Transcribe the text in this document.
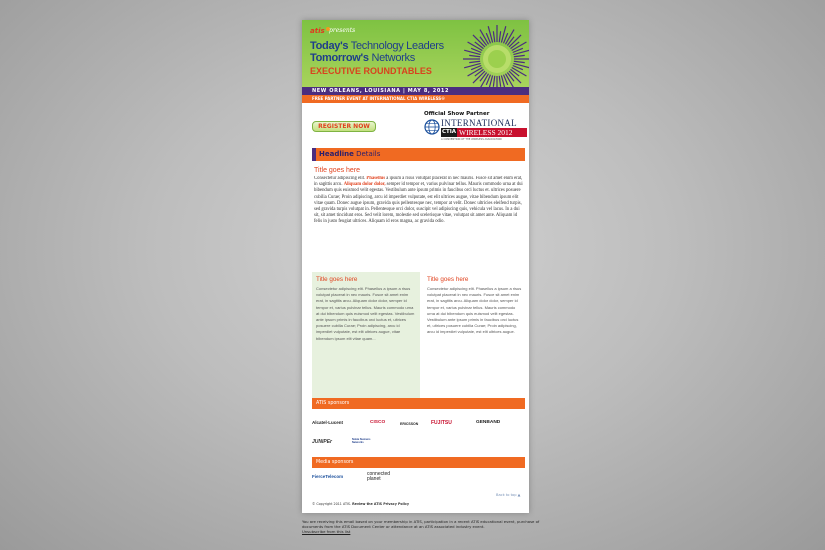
atis presents
Today's Technology Leaders
Tomorrow's Networks
EXECUTIVE ROUNDTABLES
NEW ORLEANS, LOUISIANA | MAY 8, 2012
FREE PARTNER EVENT AT INTERNATIONAL CTIA WIRELESS®
REGISTER NOW
Official Show Partner
INTERNATIONAL
CTIA WIRELESS 2012
A CONVENTION OF THE WIRELESS ASSOCIATION
Headline Details
Title goes here
Consectetur adipiscing elit. Phasellus a ipsum a risus volutpat placerat in nec mauris. Fusce sit amet enim erat, in sagittis arcu. Aliquam dolor dolor, semper id tempor et, varius pulvinar tellus. Mauris commodo urna at dui bibendum quis euismod velit egestas. Vestibulum ante ipsum primis in faucibus orci luctus et. ultrices posuere cubilia Curae; Proin adipiscing, arcu id imperdiet vulputate, est elit ultrices augue, vitae bibendum ipsum elit vitae quam. Donec augue ipsum, gravida quis pellentesque nec, tempor at velit. Donec ultricies eleifend turpis, sed gravida turpis volutpat in. Pellentesque orci dolor, suscipit vel adipiscing quis, vehicula vel lacus. In a dui sit, sit amet tincidunt eros. Sed velit lorem, molestie sed scelerisque vitae, volutpat sit amet ante. Aliquam id felis in justo feugiat ultrices. Aliquam id eros magna, ac gravida odio.
Title goes here
Consectetur adipiscing elit. Phasellus a ipsum a risus volutpat placerat in nec mauris. Fusce sit amet enim erat, in sagittis arcu. Aliquam dolor dolor, semper id tempor et, varius pulvinar tellus. Mauris commodo urna at dui bibendum quis euismod velit egestas. Vestibulum ante ipsum primis in faucibus orci luctus et, ultrices posuere cubilia Curae; Proin adipiscing, arcu id imperdiet vulputate, est elit ultrices augue, vitae bibendum ipsum elit vitae quam...
Title goes here
Consectetur adipiscing elit. Phasellus a ipsum a risus volutpat placerat in nec mauris. Fusce sit amet enim erat, in sagittis arcu. Aliquam dolor dolor, semper id tempor et, varius pulvinar tellus. Mauris commodo urna at dui bibendum quis euismod velit egestas. Vestibulum ante ipsum primis in faucibus orci luctus et, ultrices posuere cubilia Curae; Proin adipiscing, arcu id imperdiet vulputate, est elit ultrices augue.
ATIS sponsors
Alcatel·Lucent	CISCO	ERICSSON	FUJITSU	GENBAND
JUNIPEr	Nokia Siemens Networks
Media sponsors
FierceTelecom	connected planet
Back to top ▲
© Copyright 2011 ATIS. Review the ATIS Privacy Policy
You are receiving this email based on your membership in ATIS, participation in a recent ATIS educational event, purchase of documents from the ATIS Document Center or attendance at an ATIS associated industry event.
Unsubscribe from this list
